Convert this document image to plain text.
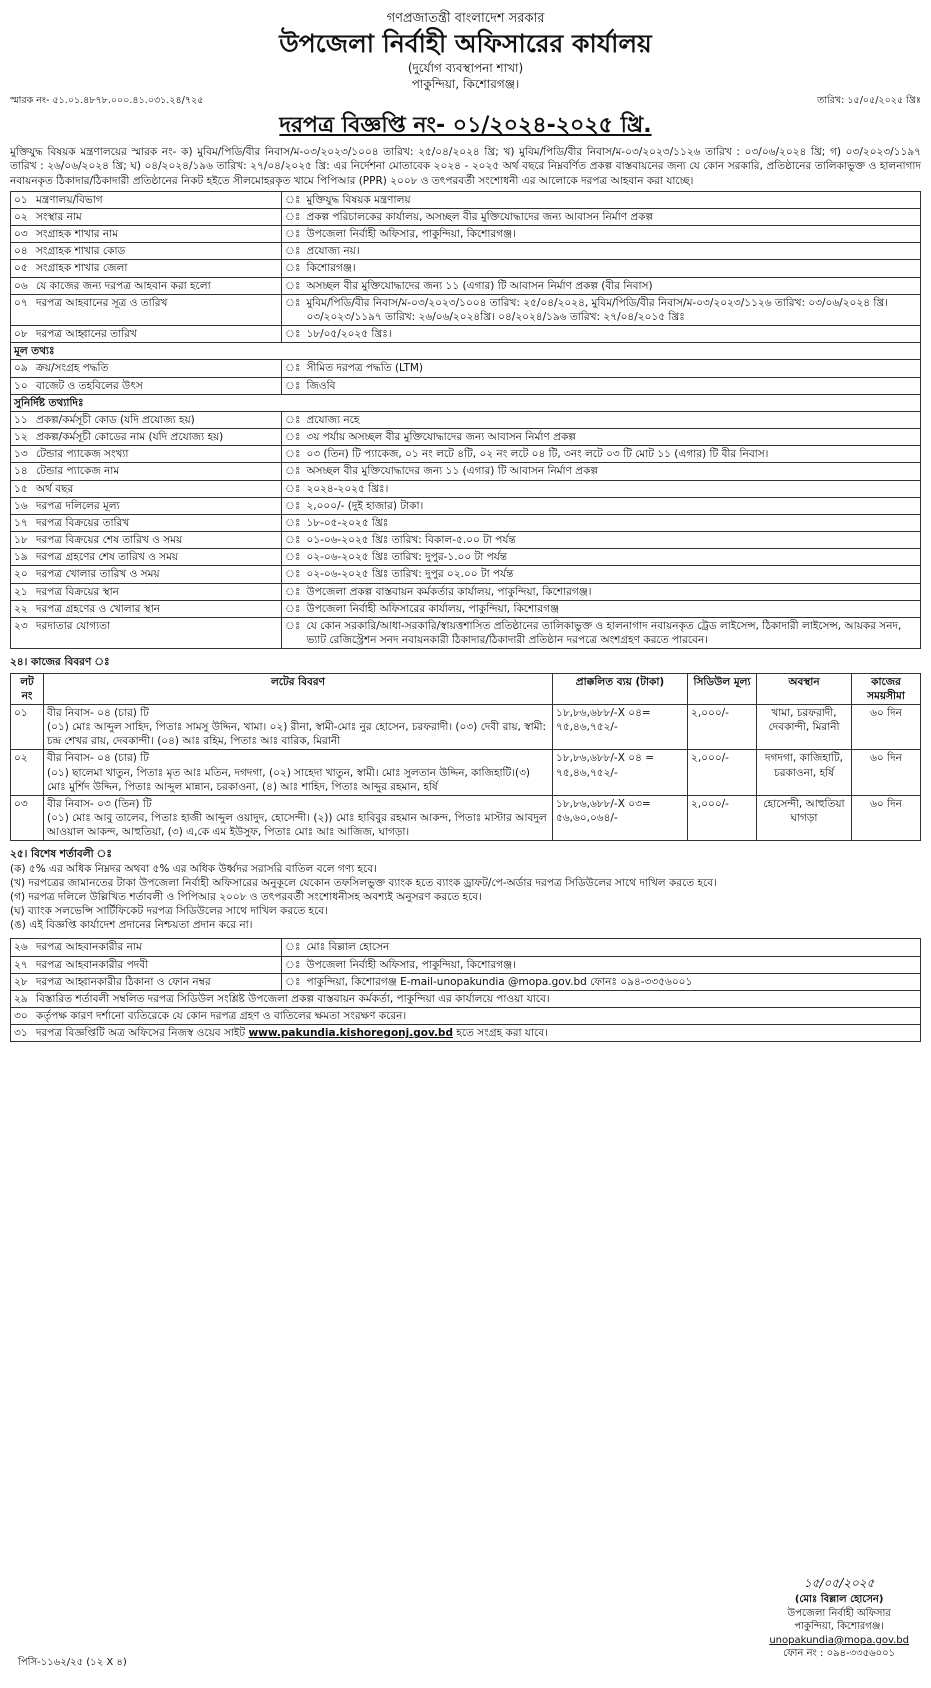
গণপ্রজাতন্ত্রী বাংলাদেশ সরকার
উপজেলা নির্বাহী অফিসারের কার্যালয়
(দুর্যোগ ব্যবস্থাপনা শাখা)
পাকুন্দিয়া, কিশোরগঞ্জ।
স্মারক নং- ৫১.০১.৪৮৭৮.০০০.৪১.০৩১.২৪/৭২৫	তারিখ: ১৫/০৫/২০২৫ খ্রিঃ
দরপত্র বিজ্ঞপ্তি নং- ০১/২০২৪-২০২৫ খ্রি.
মুক্তিযুদ্ধ বিষয়ক মন্ত্রণালয়ের স্মারক নং- ক) মুবিম/পিডি/বীর নিবাস/ম-০৩/২০২৩/১০০৪ তারিখ: ২৫/০৪/২০২৪ খ্রি; খ) মুবিম/পিডি/বীর নিবাস/ম-০৩/২০২৩/১১২৬ তারিখ : ০৩/০৬/২০২৪ খ্রি; গ) ০৩/২০২৩/১১৯৭ তারিখ : ২৬/০৬/২০২৪ খ্রি; ঘ) ০৪/২০২৪/১৯৬ তারিখ: ২৭/০৪/২০২৫ খ্রি: এর নির্দেশনা মোতাবেক ২০২৪ - ২০২৫ অর্থ বছরে নিম্নবর্ণিত প্রকল্প বাস্তবায়নের জন্য যে কোন সরকারি, প্রতিষ্ঠানের তালিকাভুক্ত ও হালনাগাদ নবায়নকৃত ঠিকাদার/ঠিকাদারী প্রতিষ্ঠানের নিকট হইতে সীলমোহরকৃত খামে পিপিআর (PPR) ২০০৮ ও তৎপরবর্তী সংশোধনী এর আলোকে দরপত্র আহবান করা যাচ্ছে।
০১	মন্ত্রণালয়/বিভাগ	ঃ	মুক্তিযুদ্ধ বিষয়ক মন্ত্রণালয়
০২	সংস্থার নাম	ঃ	প্রকল্প পরিচালকের কার্যালয়, অসচ্ছল বীর মুক্তিযোদ্ধাদের জন্য আবাসন নির্মাণ প্রকল্প
০৩	সংগ্রাহক শাখার নাম	ঃ	উপজেলা নির্বাহী অফিসার, পাকুন্দিয়া, কিশোরগঞ্জ।
০৪	সংগ্রাহক শাখার কোড	ঃ	প্রযোজ্য নয়।
০৫	সংগ্রাহক শাখার জেলা	ঃ	কিশোরগঞ্জ।
০৬	যে কাজের জন্য দরপত্র আহবান করা হলো	ঃ	অসচ্ছল বীর মুক্তিযোদ্ধাদের জন্য ১১ (এগার) টি আবাসন নির্মাণ প্রকল্প (বীর নিবাস)
০৭	দরপত্র আহবানের সূত্র ও তারিখ	ঃ	মুবিম/পিডি/বীর নিবাস/ম-০৩/২০২৩/১০০৪ তারিখ: ২৫/০৪/২০২৪, মুবিম/পিডি/বীর নিবাস/ম-০৩/২০২৩/১১২৬ তারিখ: ০৩/০৬/২০২৪ খ্রি। ০৩/২০২৩/১১৯৭ তারিখ: ২৬/০৬/২০২৪খ্রি। ০৪/২০২৪/১৯৬ তারিখ: ২৭/০৪/২০১৫ খ্রিঃ
০৮	দরপত্র আহ্বানের তারিখ	ঃ	১৮/০৫/২০২৫ খ্রিঃ।
মূল তথ্যঃ			
০৯	ক্রয়/সংগ্রহ পদ্ধতি	ঃ	সীমিত দরপত্র পদ্ধতি (LTM)
১০	বাজেট ও তহবিলের উৎস	ঃ	জিওবি
সুনির্দিষ্ট তথ্যাদিঃ			
১১	প্রকল্প/কর্মসূচী কোড (যদি প্রযোজ্য হয়)	ঃ	প্রযোজ্য নহে
১২	প্রকল্প/কর্মসূচী কোডের নাম (যদি প্রযোজ্য হয়)	ঃ	৩য় পর্যায় অসচ্ছল বীর মুক্তিযোদ্ধাদের জন্য আবাসন নির্মাণ প্রকল্প
১৩	টেন্ডার প্যাকেজ সংখ্যা	ঃ	০৩ (তিন) টি প্যাকেজ, ০১ নং লটে ৪টি, ০২ নং লটে ০৪ টি, ৩নং লটে ০৩ টি মোট ১১ (এগার) টি বীর নিবাস।
১৪	টেন্ডার প্যাকেজ নাম	ঃ	অসচ্ছল বীর মুক্তিযোদ্ধাদের জন্য ১১ (এগার) টি আবাসন নির্মাণ প্রকল্প
১৫	অর্থ বছর	ঃ	২০২৪-২০২৫ খ্রিঃ।
১৬	দরপত্র দলিলের মূল্য	ঃ	২,০০০/- (দুই হাজার) টাকা।
১৭	দরপত্র বিক্রয়ের তারিখ	ঃ	১৮-০৫-২০২৫ খ্রিঃ
১৮	দরপত্র বিক্রয়ের শেষ তারিখ ও সময়	ঃ	০১-০৬-২০২৫ খ্রিঃ তারিখ: বিকাল-৫.০০ টা পর্যন্ত
১৯	দরপত্র গ্রহণের শেষ তারিখ ও সময়	ঃ	০২-০৬-২০২৫ খ্রিঃ তারিখ: দুপুর-১.০০ টা পর্যন্ত
২০	দরপত্র খোলার তারিখ ও সময়	ঃ	০২-০৬-২০২৫ খ্রিঃ তারিখ: দুপুর ০২.০০ টা পর্যন্ত
২১	দরপত্র বিক্রয়ের স্থান	ঃ	উপজেলা প্রকল্প বাস্তবায়ন কর্মকর্তার কার্যালয়, পাকুন্দিয়া, কিশোরগঞ্জ।
২২	দরপত্র গ্রহণের ও খোলার স্থান	ঃ	উপজেলা নির্বাহী অফিসারের কার্যালয়, পাকুন্দিয়া, কিশোরগঞ্জ
২৩	দরদাতার যোগ্যতা	ঃ	যে কোন সরকারি/আধা-সরকারি/স্বায়ত্তশাসিত প্রতিষ্ঠানের তালিকাভুক্ত ও হালনাগাদ নবায়নকৃত ট্রেড লাইসেন্স, ঠিকাদারী লাইসেন্স, আয়কর সনদ, ভ্যাট রেজিস্ট্রেশন সনদ নবায়নকারী ঠিকাদার/ঠিকাদারী প্রতিষ্ঠান দরপত্রে অংশগ্রহণ করতে পারবেন।
২৪। কাজের বিবরণ ঃ
লট নং	লটের বিবরণ	প্রাক্কলিত ব্যয় (টাকা)	সিডিউল মূল্য	অবস্থান	কাজের সময়সীমা
০১	বীর নিবাস- ০৪ (চার) টি
(০১) মোঃ আব্দুল সাহিদ, পিতাঃ সামসু উদ্দিন, খামা। ০২) রীনা, স্বামী-মোঃ নুর হোসেন, চরফরাদী। (০৩) দেবী রায়, স্বামী: চন্দ্র শেখর রায়, দেবকান্দী। (০৪) আঃ রহিম, পিতাঃ আঃ বারিক, মিরানী	১৮,৮৬,৬৮৮/-X ০৪= ৭৫,৪৬,৭৫২/-	২,০০০/-	খামা, চরফরাদী, দেবকান্দী, মিরানী	৬০ দিন
০২	বীর নিবাস- ০৪ (চার) টি
(০১) ছালেমা খাতুন, পিতাঃ মৃত আঃ মতিন, দগদগা, (০২) সাহেদা খাতুন, স্বামী। মোঃ সুলতান উদ্দিন, কাজিহাটি।(৩) মোঃ মুর্শিদ উদ্দিন, পিতাঃ আব্দুল মান্নান, চরকাওনা, (৪) আঃ শাহিদ, পিতাঃ আব্দুর রহমান, হর্ষি	১৮,৮৬,৬৮৮/-X ০৪ = ৭৫,৪৬,৭৫২/-	২,০০০/-	দগদগা, কাজিহাটি, চরকাওনা, হর্ষি	৬০ দিন
০৩	বীর নিবাস- ০৩ (তিন) টি
(০১) মোঃ আবু তালেব, পিতাঃ হাজী আব্দুল ওয়াদুদ, হোসেন্দী। (২)) মোঃ হাবিবুর রহমান আকন্দ, পিতাঃ মাস্টার আবদুল আওয়াল আকন্দ, আহুতিয়া, (৩) এ,কে এম ইউসুফ, পিতাঃ মোঃ আঃ আজিজ, ঘাগড়া।	১৮,৮৬,৬৮৮/-X ০৩= ৫৬,৬০,০৬৪/-	২,০০০/-	হোসেন্দী, আহুতিয়া ঘাগড়া	৬০ দিন
২৫। বিশেষ শর্তাবলী ঃ
(ক) ৫% এর অধিক নিম্নদর অথবা ৫% এর অধিক উর্ধ্বদর সরাসরি বাতিল বলে গণ্য হবে।
(খ) দরপত্রের জামানতের টাকা উপজেলা নির্বাহী অফিসারের অনুকূলে যেকোন তফসিলভুক্ত ব্যাংক হতে ব্যাংক ড্রাফট/পে-অর্ডার দরপত্র সিডিউলের সাথে দাখিল করতে হবে।
(গ) দরপত্র দলিলে উল্লিখিত শর্তাবলী ও পিপিআর ২০০৮ ও তৎপরবর্তী সংশোধনীসহ অবশ্যই অনুসরণ করতে হবে।
(ঘ) ব্যাংক সলভেন্সি সার্টিফিকেট দরপত্র সিডিউলের সাথে দাখিল করতে হবে।
(ঙ) এই বিজ্ঞপ্তি কার্যাদেশ প্রদানের নিশ্চয়তা প্রদান করে না।
২৬	দরপত্র আহবানকারীর নাম	ঃ	মোঃ বিল্লাল হোসেন
২৭	দরপত্র আহবানকারীর পদবী	ঃ	উপজেলা নির্বাহী অফিসার, পাকুন্দিয়া, কিশোরগঞ্জ।
২৮	দরপত্র আহ্বানকারীর ঠিকানা ও ফোন নম্বর	ঃ	পাকুন্দিয়া, কিশোরগঞ্জ E-mail-unopakundia @mopa.gov.bd ফোনঃ ০৯৪-৩৩৫৬০০১
২৯	বিস্তারিত শর্তাবলী সম্বলিত দরপত্র সিডিউল সংশ্লিষ্ট উপজেলা প্রকল্প বাস্তবায়ন কর্মকর্তা, পাকুন্দিয়া এর কার্যালয়ে পাওয়া যাবে।		
৩০	কর্তৃপক্ষ কারণ দর্শানো ব্যতিরেকে যে কোন দরপত্র গ্রহণ ও বাতিলের ক্ষমতা সংরক্ষণ করেন।		
৩১	দরপত্র বিজ্ঞপ্তিটি অত্র অফিসের নিজস্ব ওয়েব সাইট www.pakundia.kishoregonj.gov.bd হতে সংগ্রহ করা যাবে।		
১৫/০৫/২০২৫
(মোঃ বিল্লাল হোসেন)
উপজেলা নির্বাহী অফিসার
পাকুন্দিয়া, কিশোরগঞ্জ।
unopakundia@mopa.gov.bd
ফোন নং : ০৯৪-৩৩৫৬০০১
পিসি-১১৬২/২৫ (১২ X ৪)
